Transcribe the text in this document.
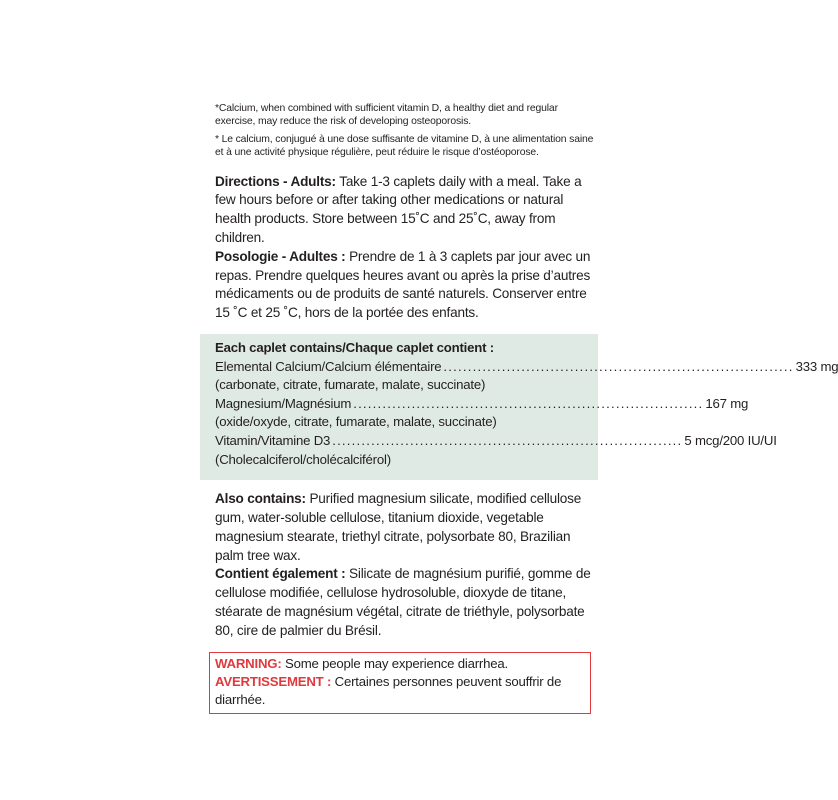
*Calcium, when combined with sufficient vitamin D, a healthy diet and regular exercise, may reduce the risk of developing osteoporosis.

* Le calcium, conjugué à une dose suffisante de vitamine D, à une alimentation saine et à une activité physique régulière, peut réduire le risque d’ostéoporose.

Directions - Adults: Take 1-3 caplets daily with a meal. Take a few hours before or after taking other medications or natural health products. Store between 15˚C and 25˚C, away from children.

Posologie - Adultes : Prendre de 1 à 3 caplets par jour avec un repas. Prendre quelques heures avant ou après la prise d’autres médicaments ou de produits de santé naturels. Conserver entre 15 ˚C et 25 ˚C, hors de la portée des enfants.

Each caplet contains/Chaque caplet contient :
Elemental Calcium/Calcium élémentaire ........................................................................ 333 mg
(carbonate, citrate, fumarate, malate, succinate)
Magnesium/Magnésium ........................................................................ 167 mg
(oxide/oxyde, citrate, fumarate, malate, succinate)
Vitamin/Vitamine D3 ........................................................................ 5 mcg/200 IU/UI
(Cholecalciferol/cholécalciférol)

Also contains: Purified magnesium silicate, modified cellulose gum, water-soluble cellulose, titanium dioxide, vegetable magnesium stearate, triethyl citrate, polysorbate 80, Brazilian palm tree wax.

Contient également : Silicate de magnésium purifié, gomme de cellulose modifiée, cellulose hydrosoluble, dioxyde de titane, stéarate de magnésium végétal, citrate de triéthyle, polysorbate 80, cire de palmier du Brésil.

WARNING: Some people may experience diarrhea.
AVERTISSEMENT : Certaines personnes peuvent souffrir de diarrhée.
